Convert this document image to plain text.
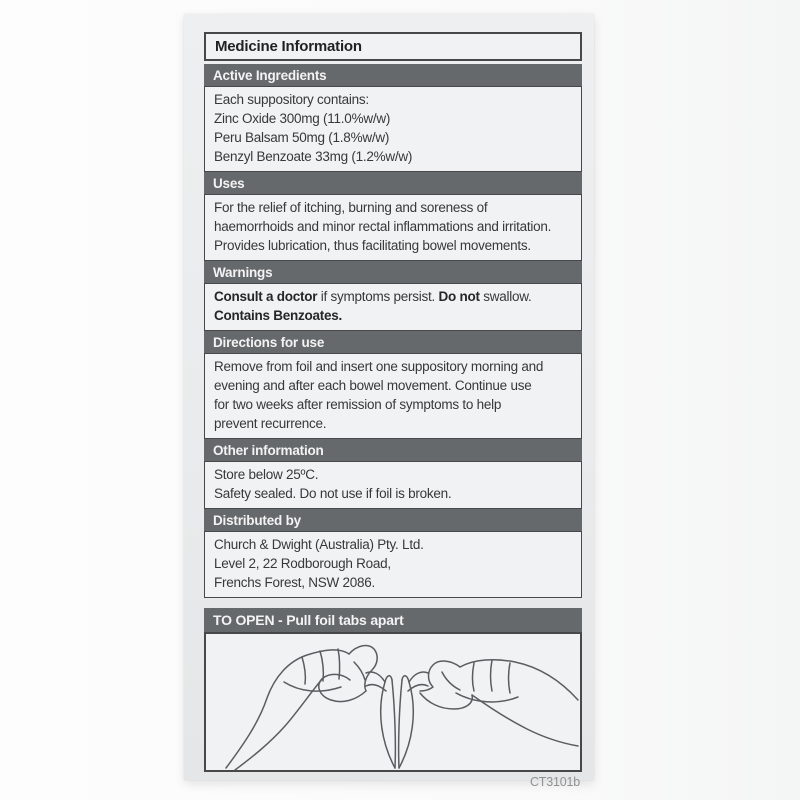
Medicine Information
Active Ingredients
Each suppository contains:
Zinc Oxide 300mg (11.0%w/w)
Peru Balsam 50mg (1.8%w/w)
Benzyl Benzoate 33mg (1.2%w/w)
Uses
For the relief of itching, burning and soreness of
haemorrhoids and minor rectal inflammations and irritation.
Provides lubrication, thus facilitating bowel movements.
Warnings
Consult a doctor if symptoms persist. Do not swallow.
Contains Benzoates.
Directions for use
Remove from foil and insert one suppository morning and
evening and after each bowel movement. Continue use
for two weeks after remission of symptoms to help
prevent recurrence.
Other information
Store below 25ºC.
Safety sealed. Do not use if foil is broken.
Distributed by
Church & Dwight (Australia) Pty. Ltd.
Level 2, 22 Rodborough Road,
Frenchs Forest, NSW 2086.
TO OPEN - Pull foil tabs apart
CT3101b
